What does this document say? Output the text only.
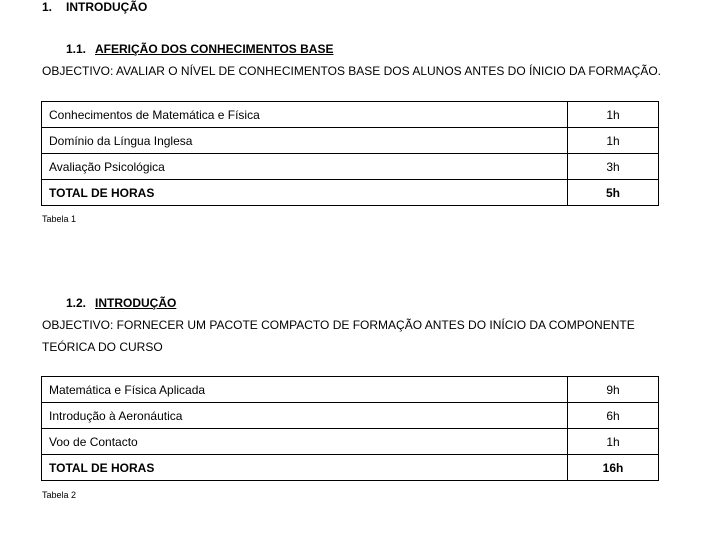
1. INTRODUÇÃO
1.1. AFERIÇÃO DOS CONHECIMENTOS BASE
OBJECTIVO: AVALIAR O NÍVEL DE CONHECIMENTOS BASE DOS ALUNOS ANTES DO ÍNICIO DA FORMAÇÃO.
Conhecimentos de Matemática e Física	1h
Domínio da Língua Inglesa	1h
Avaliação Psicológica	3h
TOTAL DE HORAS	5h
Tabela 1
1.2. INTRODUÇÃO
OBJECTIVO: FORNECER UM PACOTE COMPACTO DE FORMAÇÃO ANTES DO INÍCIO DA COMPONENTE TEÓRICA DO CURSO
Matemática e Física Aplicada	9h
Introdução à Aeronáutica	6h
Voo de Contacto	1h
TOTAL DE HORAS	16h
Tabela 2
